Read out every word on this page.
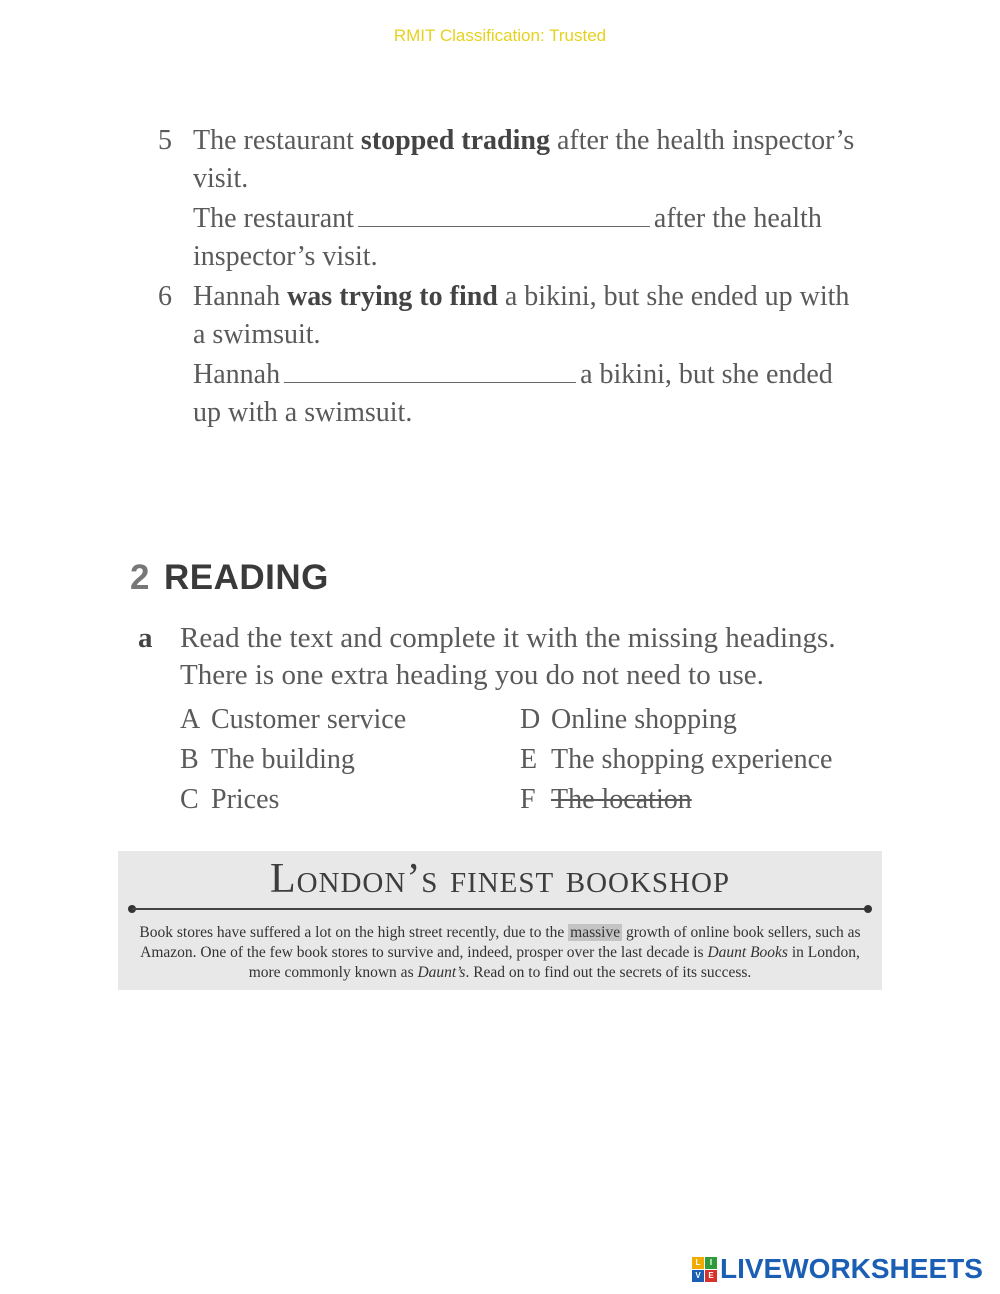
RMIT Classification: Trusted
5 The restaurant stopped trading after the health inspector’s visit.

The restaurant	after the health inspector’s visit.

6 Hannah was trying to find a bikini, but she ended up with a swimsuit.

Hannah	a bikini, but she ended up with a swimsuit.

2 READING
a Read the text and complete it with the missing headings. There is one extra heading you do not need to use.
A Customer service	D Online shopping
B The building	E The shopping experience
C Prices	F The location
London’s finest bookshop
Book stores have suffered a lot on the high street recently, due to the massive growth of online book sellers, such as Amazon. One of the few book stores to survive and, indeed, prosper over the last decade is Daunt Books in London, more commonly known as Daunt’s. Read on to find out the secrets of its success.
L	I
V E LIVEWORKSHEETS
